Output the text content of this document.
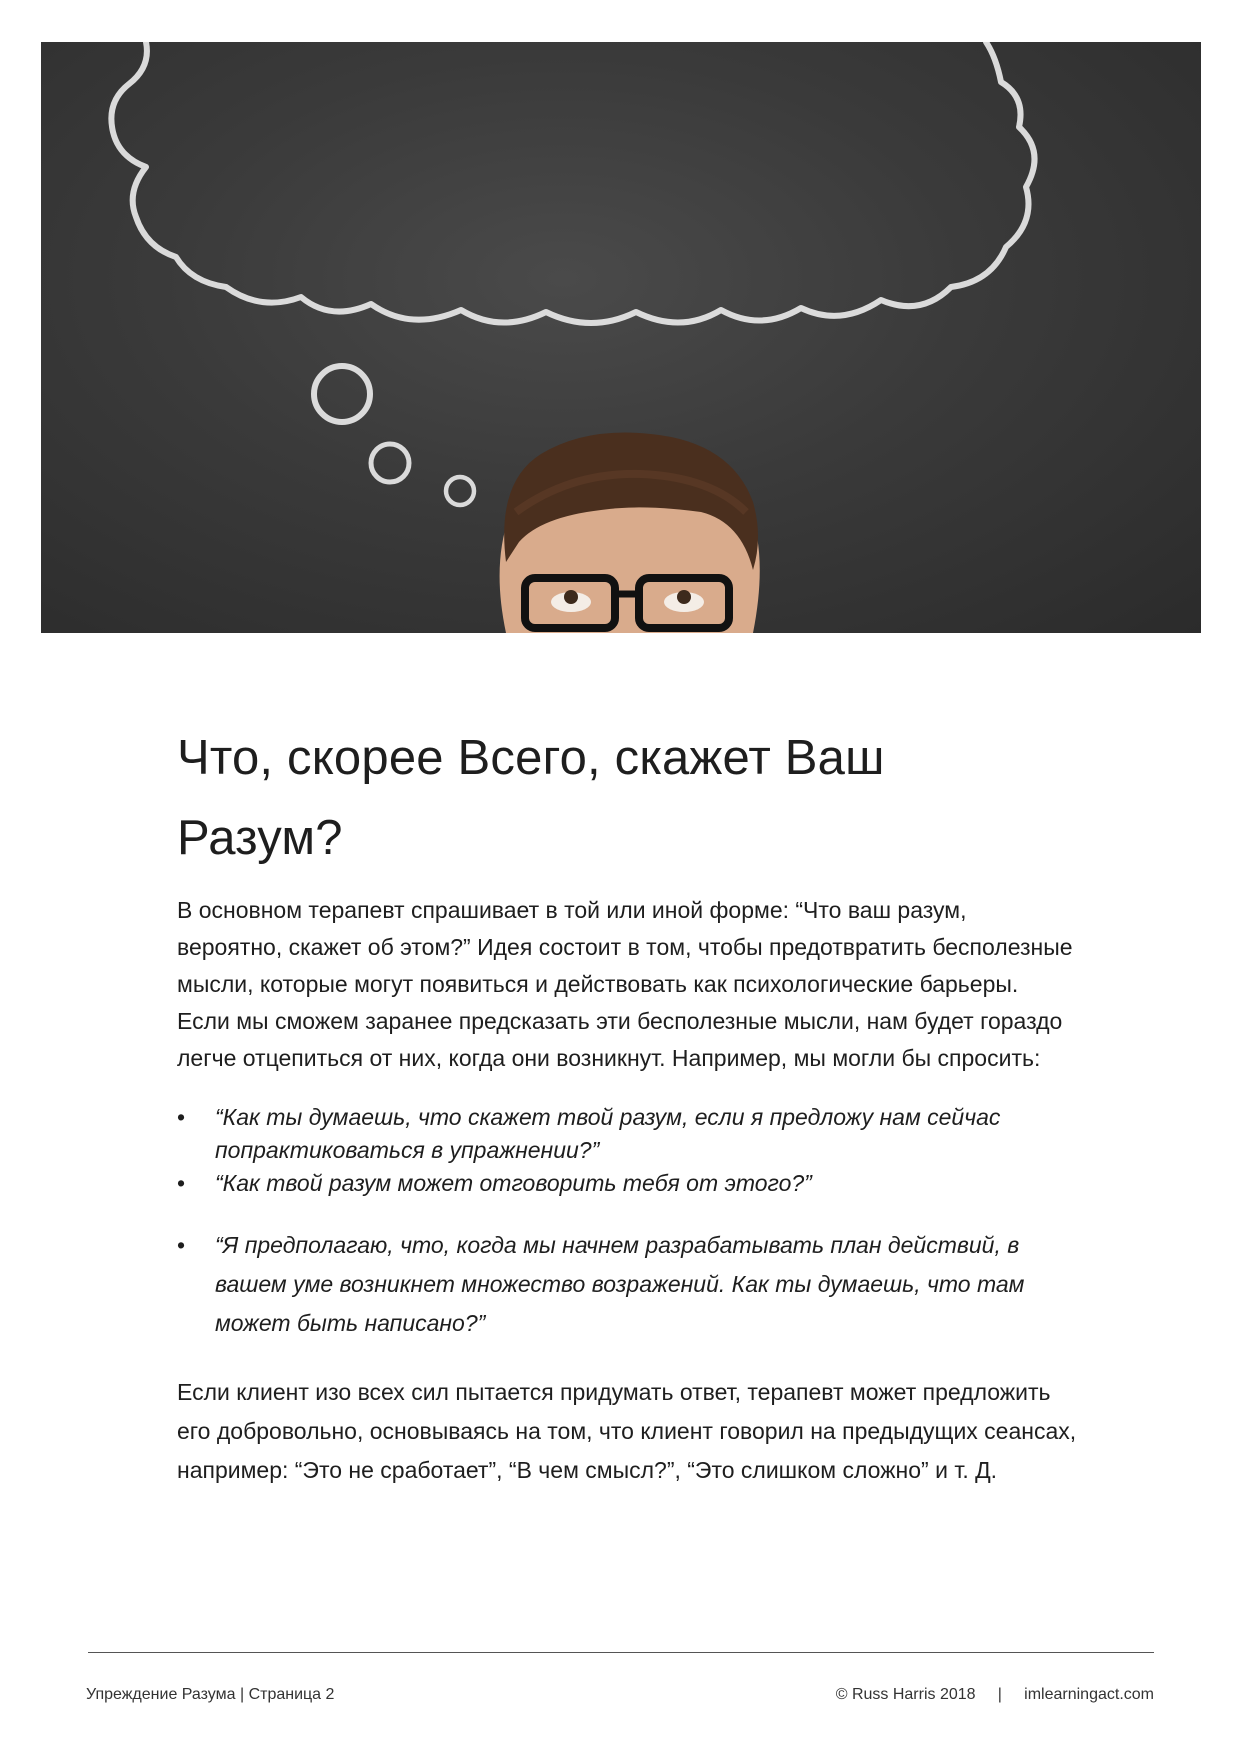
Что, скорее Всего, скажет Ваш
Разум?

В основном терапевт спрашивает в той или иной форме: “Что ваш разум, вероятно, скажет об этом?” Идея состоит в том, чтобы предотвратить бесполезные мысли, которые могут появиться и действовать как психологические барьеры. Если мы сможем заранее предсказать эти бесполезные мысли, нам будет гораздо легче отцепиться от них, когда они возникнут. Например, мы могли бы спросить:

• “Как ты думаешь, что скажет твой разум, если я предложу нам сейчас попрактиковаться в упражнении?”
• “Как твой разум может отговорить тебя от этого?”
• “Я предполагаю, что, когда мы начнем разрабатывать план действий, в вашем уме возникнет множество возражений. Как ты думаешь, что там может быть написано?”

Если клиент изо всех сил пытается придумать ответ, терапевт может предложить его добровольно, основываясь на том, что клиент говорил на предыдущих сеансах, например: “Это не сработает”, “В чем смысл?”, “Это слишком сложно” и т. Д.

Упреждение Разума | Страница 2	© Russ Harris 2018     |     imlearningact.com
